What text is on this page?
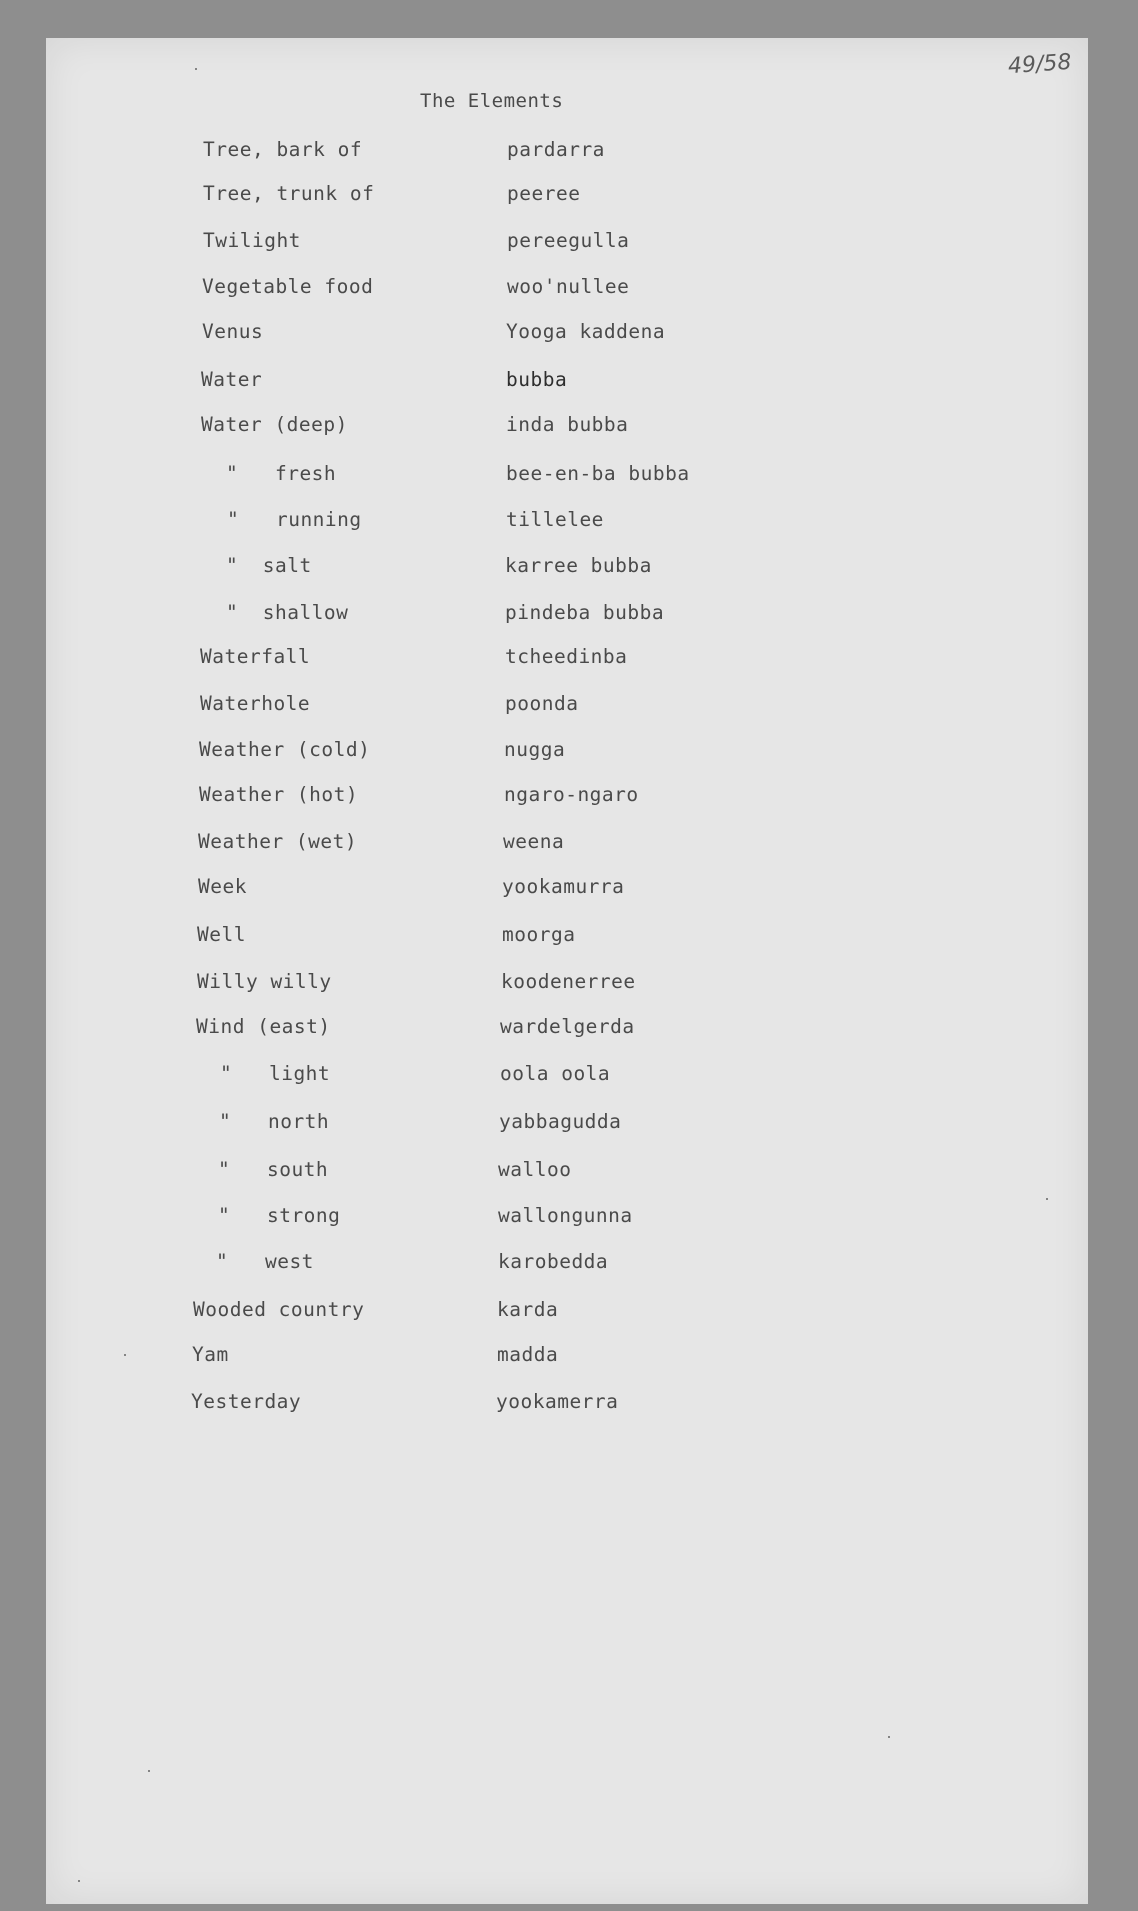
49/58
The Elements
Tree, bark of	pardarra
Tree, trunk of	peeree
Twilight	pereegulla
Vegetable food	woo'nullee
Venus	Yooga kaddena
Water	bubba
Water (deep)	inda bubba
"   fresh	bee-en-ba bubba
"   running	tillelee
"  salt	karree bubba
"  shallow	pindeba bubba
Waterfall	tcheedinba
Waterhole	poonda
Weather (cold)	nugga
Weather (hot)	ngaro-ngaro
Weather (wet)	weena
Week	yookamurra
Well	moorga
Willy willy	koodenerree
Wind (east)	wardelgerda
"   light	oola oola
"   north	yabbagudda
"   south	walloo
"   strong	wallongunna
"   west	karobedda
Wooded country	karda
Yam	madda
Yesterday	yookamerra
